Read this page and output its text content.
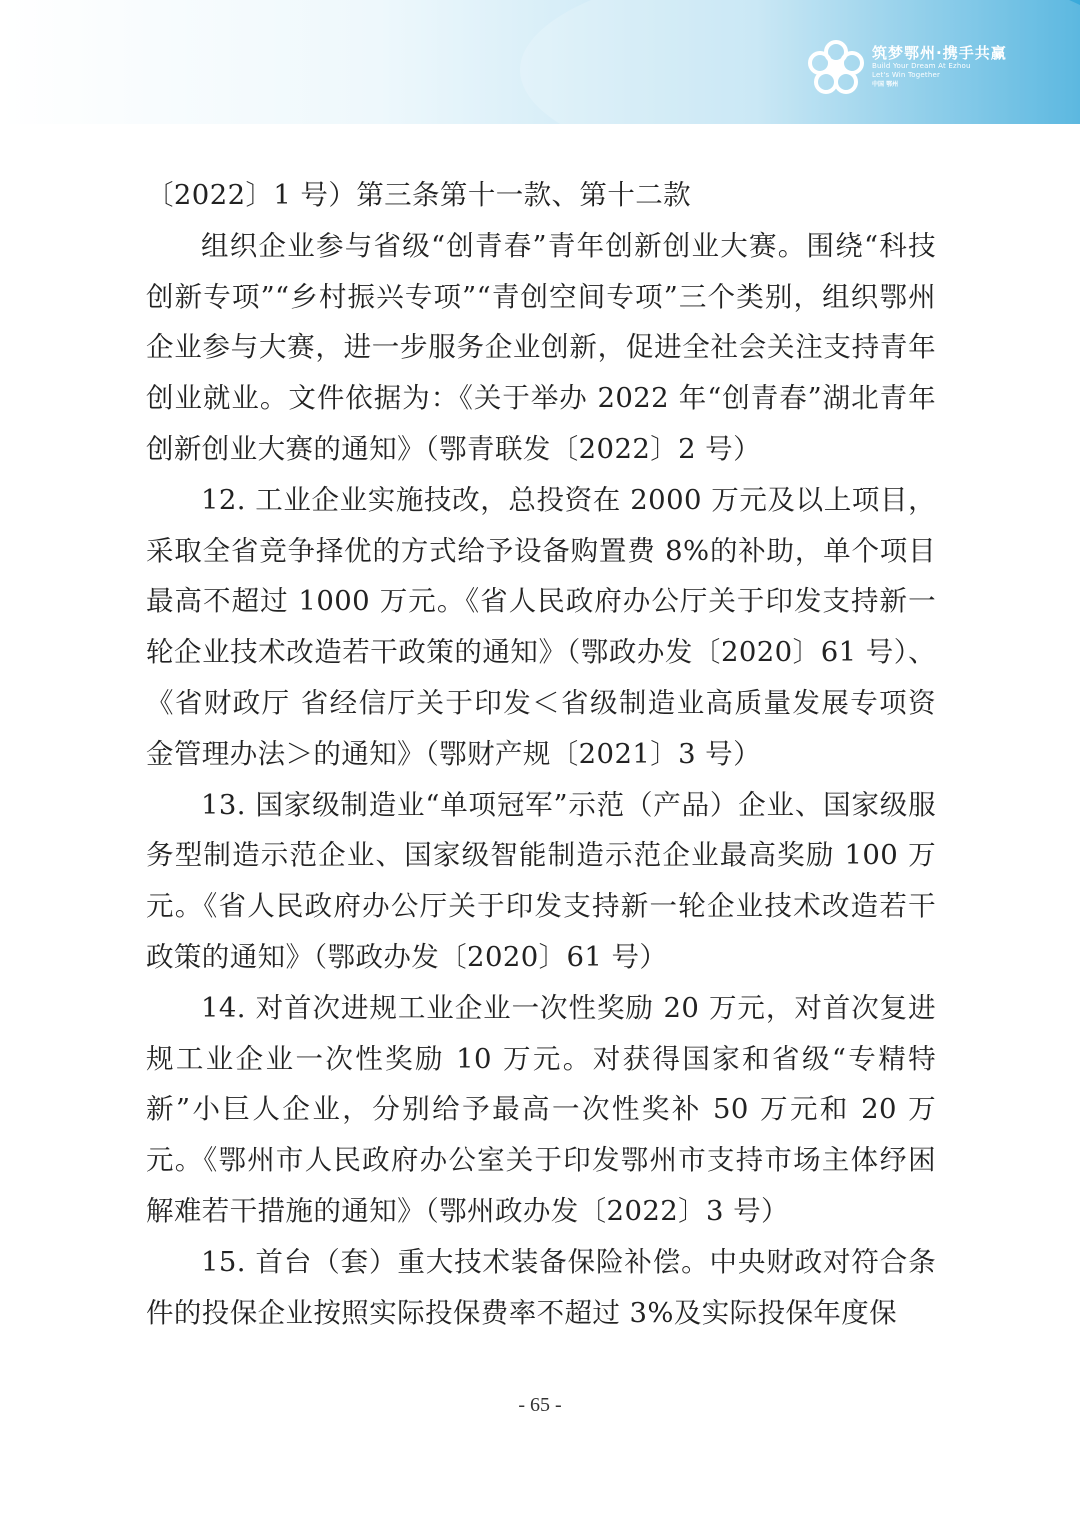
筑梦鄂州·携手共赢
Build Your Dream At Ezhou
Let's Win Together
中国 鄂州

〔2022〕1 号）第三条第十一款、第十二款

组织企业参与省级“创青春”青年创新创业大赛。围绕“科技创新专项”“乡村振兴专项”“青创空间专项”三个类别，组织鄂州企业参与大赛，进一步服务企业创新，促进全社会关注支持青年创业就业。文件依据为：《关于举办 2022 年“创青春”湖北青年创新创业大赛的通知》（鄂青联发〔2022〕2 号）

12. 工业企业实施技改，总投资在 2000 万元及以上项目，采取全省竞争择优的方式给予设备购置费 8%的补助，单个项目最高不超过 1000 万元。《省人民政府办公厅关于印发支持新一轮企业技术改造若干政策的通知》（鄂政办发〔2020〕61 号）、《省财政厅 省经信厅关于印发＜省级制造业高质量发展专项资金管理办法＞的通知》（鄂财产规〔2021〕3 号）

13. 国家级制造业“单项冠军”示范（产品）企业、国家级服务型制造示范企业、国家级智能制造示范企业最高奖励 100 万元。《省人民政府办公厅关于印发支持新一轮企业技术改造若干政策的通知》（鄂政办发〔2020〕61 号）

14. 对首次进规工业企业一次性奖励 20 万元，对首次复进规工业企业一次性奖励 10 万元。对获得国家和省级“专精特新”小巨人企业，分别给予最高一次性奖补 50 万元和 20 万元。《鄂州市人民政府办公室关于印发鄂州市支持市场主体纾困解难若干措施的通知》（鄂州政办发〔2022〕3 号）

15. 首台（套）重大技术装备保险补偿。中央财政对符合条件的投保企业按照实际投保费率不超过 3%及实际投保年度保

- 65 -
